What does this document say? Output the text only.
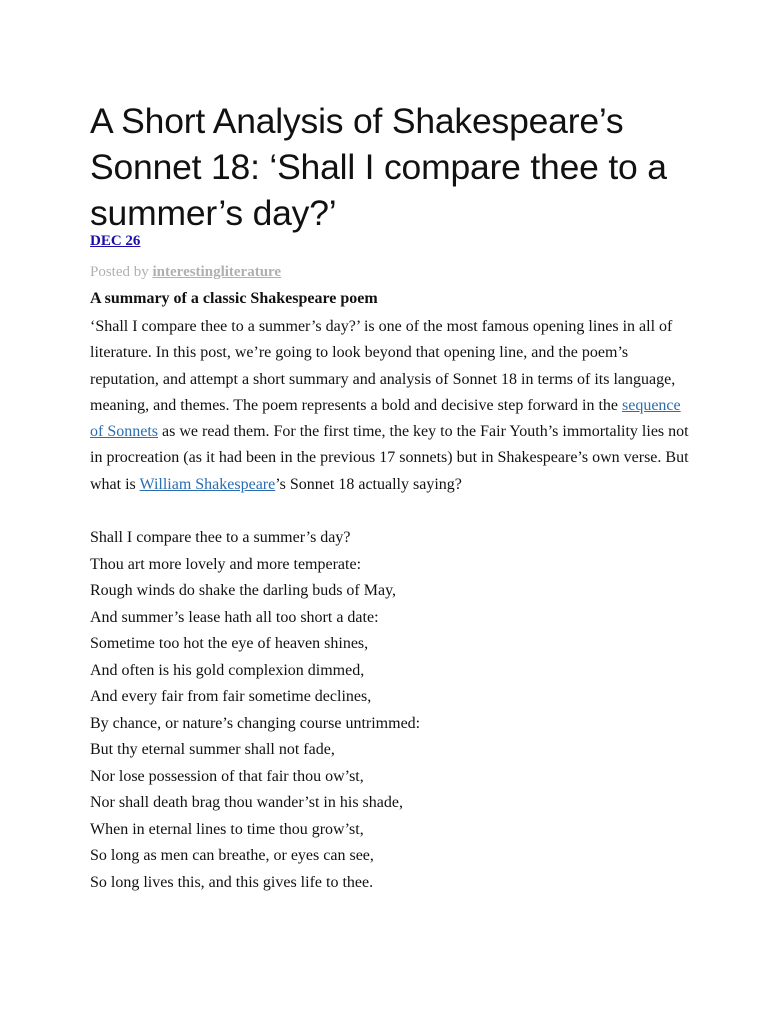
A Short Analysis of Shakespeare’s Sonnet 18: ‘Shall I compare thee to a summer’s day?’
DEC 26
Posted by interestingliterature
A summary of a classic Shakespeare poem

‘Shall I compare thee to a summer’s day?’ is one of the most famous opening lines in all of literature. In this post, we’re going to look beyond that opening line, and the poem’s reputation, and attempt a short summary and analysis of Sonnet 18 in terms of its language, meaning, and themes. The poem represents a bold and decisive step forward in the sequence of Sonnets as we read them. For the first time, the key to the Fair Youth’s immortality lies not in procreation (as it had been in the previous 17 sonnets) but in Shakespeare’s own verse. But what is William Shakespeare’s Sonnet 18 actually saying?

Shall I compare thee to a summer’s day?
Thou art more lovely and more temperate:
Rough winds do shake the darling buds of May,
And summer’s lease hath all too short a date:
Sometime too hot the eye of heaven shines,
And often is his gold complexion dimmed,
And every fair from fair sometime declines,
By chance, or nature’s changing course untrimmed:
But thy eternal summer shall not fade,
Nor lose possession of that fair thou ow’st,
Nor shall death brag thou wander’st in his shade,
When in eternal lines to time thou grow’st,
So long as men can breathe, or eyes can see,
So long lives this, and this gives life to thee.
